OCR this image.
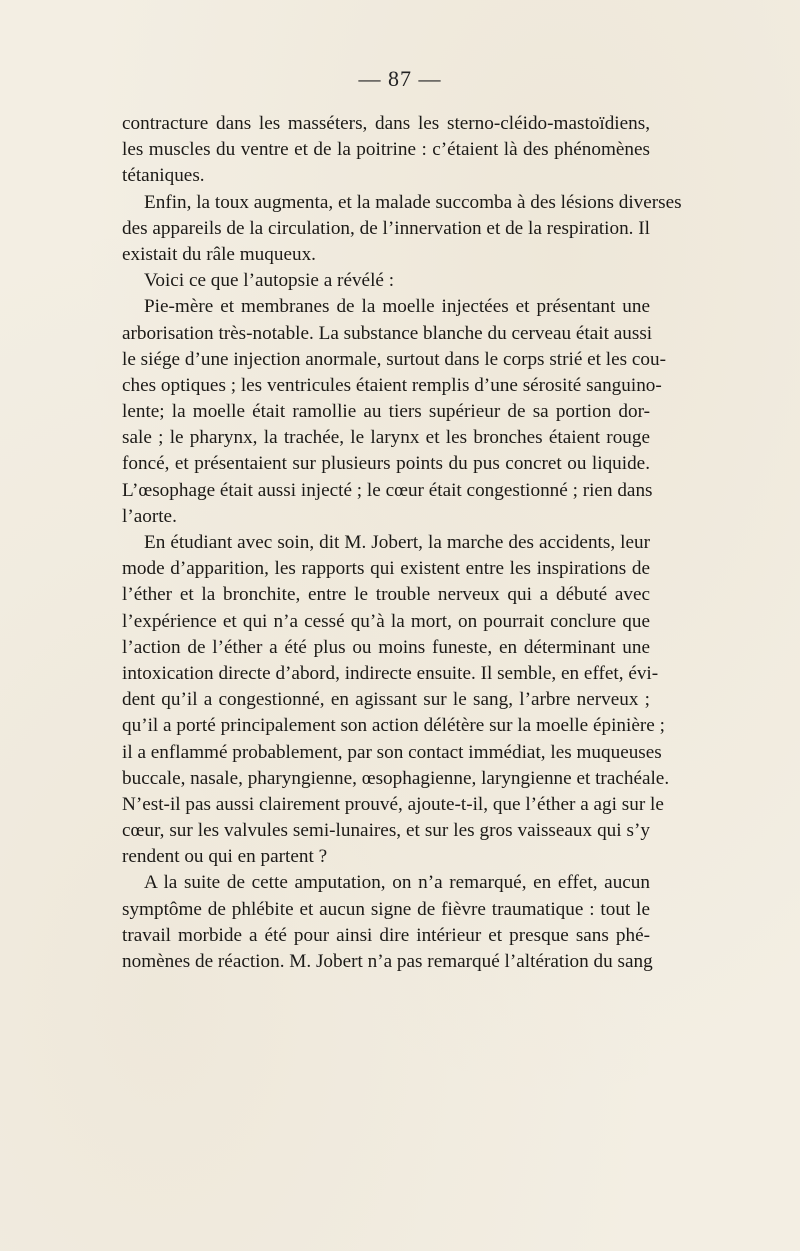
— 87 —
contracture dans les masséters, dans les sterno-cléido-mastoïdiens,
les muscles du ventre et de la poitrine : c’étaient là des phénomènes
tétaniques.
Enfin, la toux augmenta, et la malade succomba à des lésions diverses
des appareils de la circulation, de l’innervation et de la respiration. Il
existait du râle muqueux.
Voici ce que l’autopsie a révélé :
Pie-mère et membranes de la moelle injectées et présentant une
arborisation très-notable. La substance blanche du cerveau était aussi
le siége d’une injection anormale, surtout dans le corps strié et les cou-
ches optiques ; les ventricules étaient remplis d’une sérosité sanguino-
lente; la moelle était ramollie au tiers supérieur de sa portion dor-
sale ; le pharynx, la trachée, le larynx et les bronches étaient rouge
foncé, et présentaient sur plusieurs points du pus concret ou liquide.
L’œsophage était aussi injecté ; le cœur était congestionné ; rien dans
l’aorte.
En étudiant avec soin, dit M. Jobert, la marche des accidents, leur
mode d’apparition, les rapports qui existent entre les inspirations de
l’éther et la bronchite, entre le trouble nerveux qui a débuté avec
l’expérience et qui n’a cessé qu’à la mort, on pourrait conclure que
l’action de l’éther a été plus ou moins funeste, en déterminant une
intoxication directe d’abord, indirecte ensuite. Il semble, en effet, évi-
dent qu’il a congestionné, en agissant sur le sang, l’arbre nerveux ;
qu’il a porté principalement son action délétère sur la moelle épinière ;
il a enflammé probablement, par son contact immédiat, les muqueuses
buccale, nasale, pharyngienne, œsophagienne, laryngienne et trachéale.
N’est-il pas aussi clairement prouvé, ajoute-t-il, que l’éther a agi sur le
cœur, sur les valvules semi-lunaires, et sur les gros vaisseaux qui s’y
rendent ou qui en partent ?
A la suite de cette amputation, on n’a remarqué, en effet, aucun
symptôme de phlébite et aucun signe de fièvre traumatique : tout le
travail morbide a été pour ainsi dire intérieur et presque sans phé-
nomènes de réaction. M. Jobert n’a pas remarqué l’altération du sang
